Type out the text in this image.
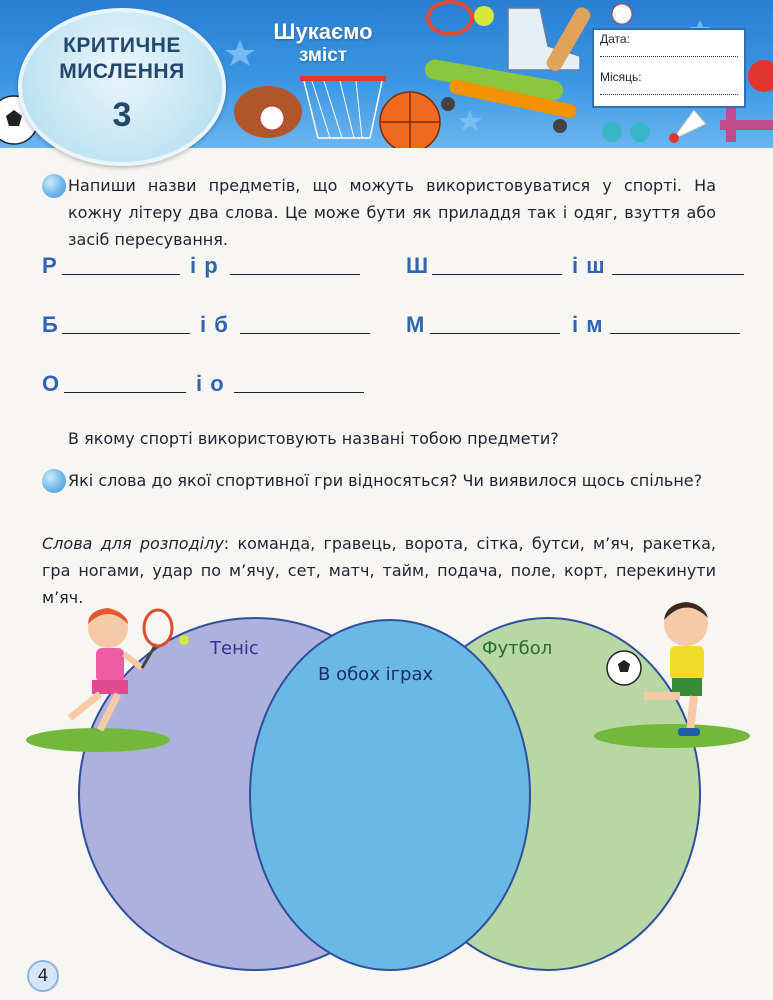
КРИТИЧНЕ
МИСЛЕННЯ
3
Шукаємо
зміст
Дата:
Місяць:
Напиши назви предметів, що можуть використовуватися у спорті. На кожну літеру два слова. Це може бути як приладдя так і одяг, взуття або засіб пересування.
Р	і р	Ш	і ш
Б	і б	М	і м
О	і о
В якому спорті використовують названі тобою предмети?
Які слова до якої спортивної гри відносяться? Чи виявилося щось спільне?
Слова для розподілу: команда, гравець, ворота, сітка, бутси, м’яч, ракетка, гра ногами, удар по м’ячу, сет, матч, тайм, подача, поле, корт, перекинути м’яч.
Теніс	Футбол
В обох іграх
4
